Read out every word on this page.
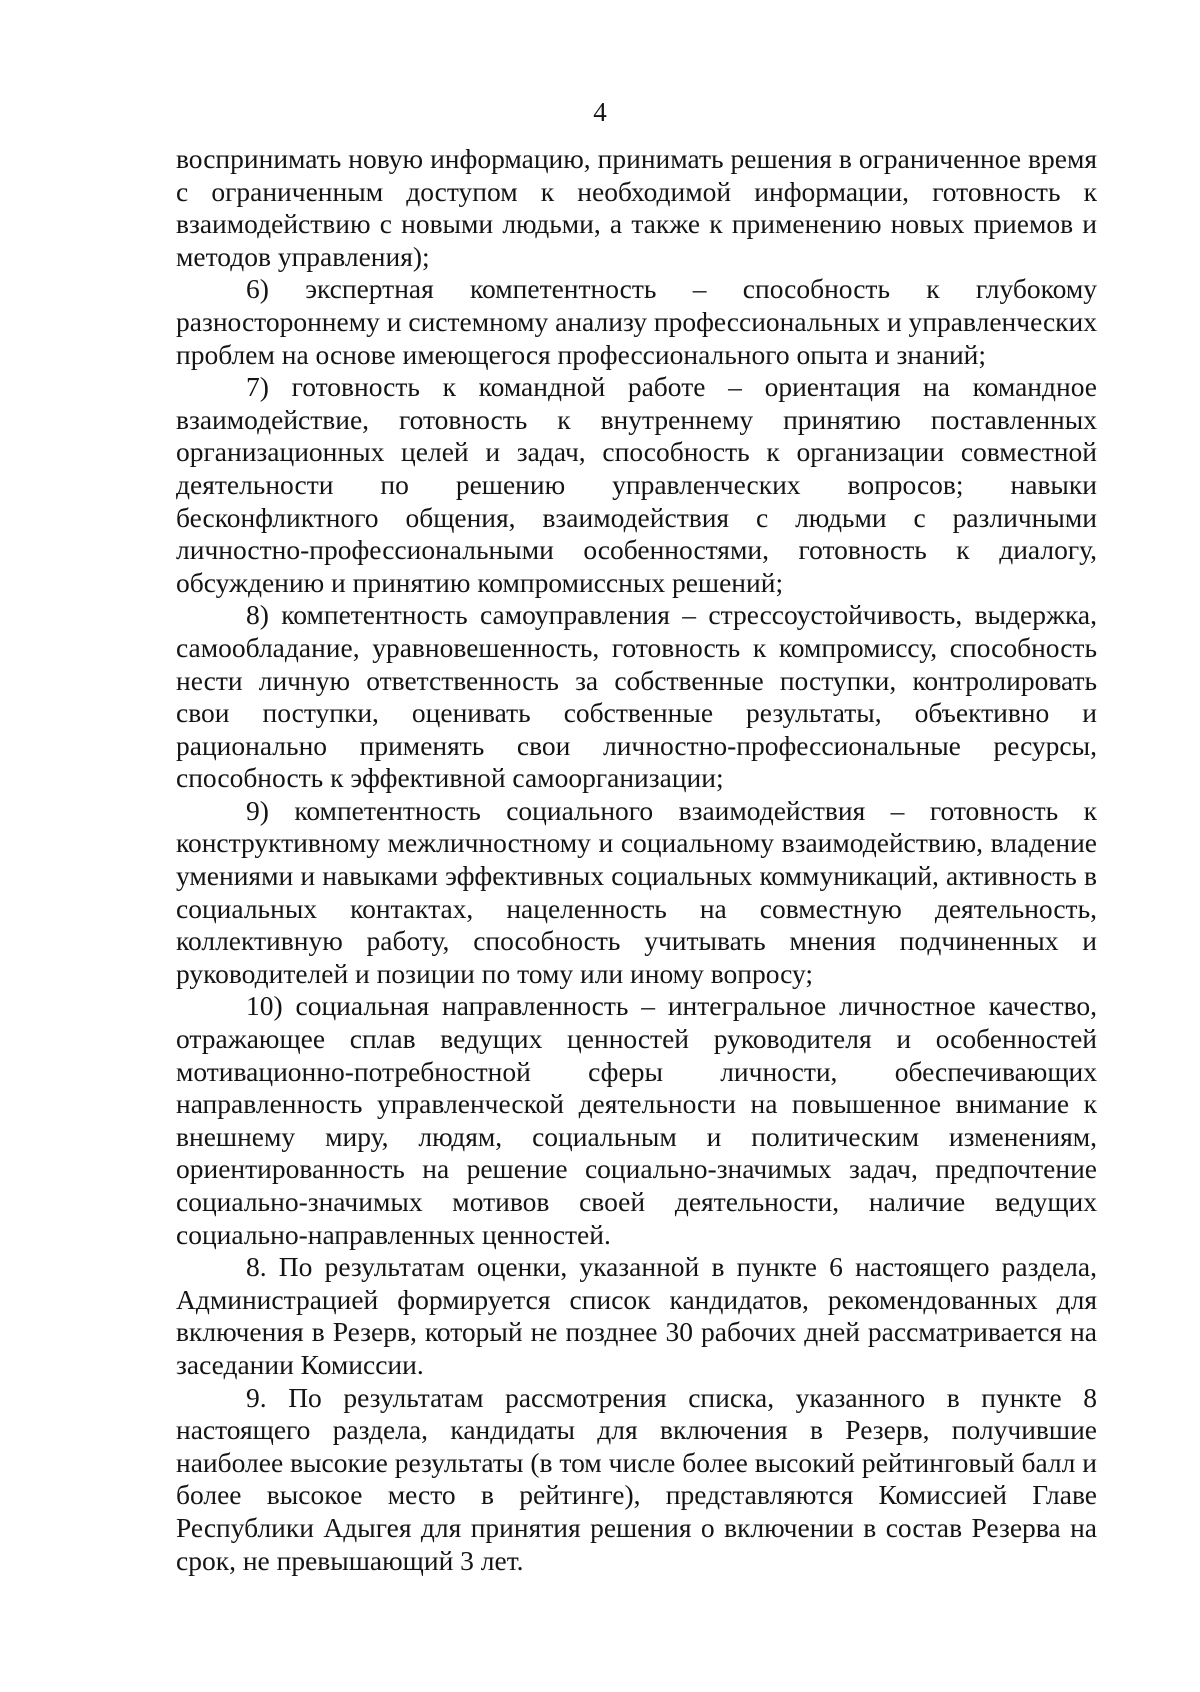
4

воспринимать новую информацию, принимать решения в ограниченное время с ограниченным доступом к необходимой информации, готовность к взаимодействию с новыми людьми, а также к применению новых приемов и методов управления);

6) экспертная компетентность – способность к глубокому разностороннему и системному анализу профессиональных и управленческих проблем на основе имеющегося профессионального опыта и знаний;

7) готовность к командной работе – ориентация на командное взаимодействие, готовность к внутреннему принятию поставленных организационных целей и задач, способность к организации совместной деятельности по решению управленческих вопросов; навыки бесконфликтного общения, взаимодействия с людьми с различными личностно-профессиональными особенностями, готовность к диалогу, обсуждению и принятию компромиссных решений;

8) компетентность самоуправления – стрессоустойчивость, выдержка, самообладание, уравновешенность, готовность к компромиссу, способность нести личную ответственность за собственные поступки, контролировать свои поступки, оценивать собственные результаты, объективно и рационально применять свои личностно-профессиональные ресурсы, способность к эффективной самоорганизации;

9) компетентность социального взаимодействия – готовность к конструктивному межличностному и социальному взаимодействию, владение умениями и навыками эффективных социальных коммуникаций, активность в социальных контактах, нацеленность на совместную деятельность, коллективную работу, способность учитывать мнения подчиненных и руководителей и позиции по тому или иному вопросу;

10) социальная направленность – интегральное личностное качество, отражающее сплав ведущих ценностей руководителя и особенностей мотивационно-потребностной сферы личности, обеспечивающих направленность управленческой деятельности на повышенное внимание к внешнему миру, людям, социальным и политическим изменениям, ориентированность на решение социально-значимых задач, предпочтение социально-значимых мотивов своей деятельности, наличие ведущих социально-направленных ценностей.

8. По результатам оценки, указанной в пункте 6 настоящего раздела, Администрацией формируется список кандидатов, рекомендованных для включения в Резерв, который не позднее 30 рабочих дней рассматривается на заседании Комиссии.

9. По результатам рассмотрения списка, указанного в пункте 8 настоящего раздела, кандидаты для включения в Резерв, получившие наиболее высокие результаты (в том числе более высокий рейтинговый балл и более высокое место в рейтинге), представляются Комиссией Главе Республики Адыгея для принятия решения о включении в состав Резерва на срок, не превышающий 3 лет.
